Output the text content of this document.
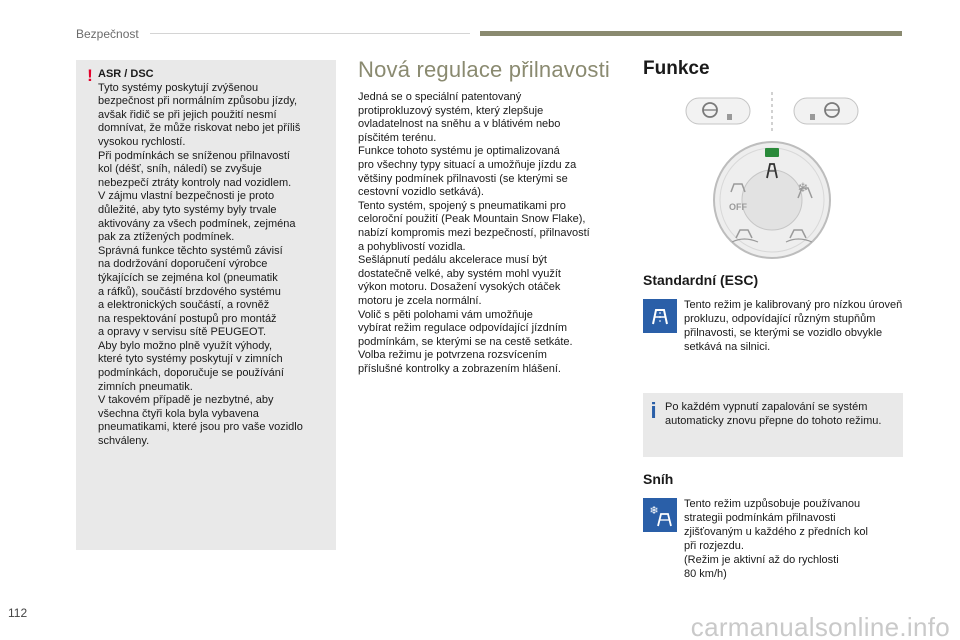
Bezpečnost
! ASR / DSC
Tyto systémy poskytují zvýšenou
bezpečnost při normálním způsobu jízdy,
avšak řidič se při jejich použití nesmí
domnívat, že může riskovat nebo jet příliš
vysokou rychlostí.
Při podmínkách se sníženou přilnavostí
kol (déšť, sníh, náledí) se zvyšuje
nebezpečí ztráty kontroly nad vozidlem.
V zájmu vlastní bezpečnosti je proto
důležité, aby tyto systémy byly trvale
aktivovány za všech podmínek, zejména
pak za ztížených podmínek.
Správná funkce těchto systémů závisí
na dodržování doporučení výrobce
týkajících se zejména kol (pneumatik
a ráfků), součástí brzdového systému
a elektronických součástí, a rovněž
na respektování postupů pro montáž
a opravy v servisu sítě PEUGEOT.
Aby bylo možno plně využít výhody,
které tyto systémy poskytují v zimních
podmínkách, doporučuje se používání
zimních pneumatik.
V takovém případě je nezbytné, aby
všechna čtyři kola byla vybavena
pneumatikami, které jsou pro vaše vozidlo
schváleny.
Nová regulace přilnavosti
Jedná se o speciální patentovaný
protiprokluzový systém, který zlepšuje
ovladatelnost na sněhu a v blátivém nebo
písčitém terénu.
Funkce tohoto systému je optimalizovaná
pro všechny typy situací a umožňuje jízdu za
většiny podmínek přilnavosti (se kterými se
cestovní vozidlo setkává).
Tento systém, spojený s pneumatikami pro
celoroční použití (Peak Mountain Snow Flake),
nabízí kompromis mezi bezpečností, přilnavostí
a pohyblivostí vozidla.
Sešlápnutí pedálu akcelerace musí být
dostatečně velké, aby systém mohl využít
výkon motoru. Dosažení vysokých otáček
motoru je zcela normální.
Volič s pěti polohami vám umožňuje
vybírat režim regulace odpovídající jízdním
podmínkám, se kterými se na cestě setkáte.
Volba režimu je potvrzena rozsvícením
příslušné kontrolky a zobrazením hlášení.
Funkce
OFF
❄
Standardní (ESC)
Tento režim je kalibrovaný pro nízkou úroveň prokluzu, odpovídající různým stupňům přilnavosti, se kterými se vozidlo obvykle setkává na silnici.
i Po každém vypnutí zapalování se systém automaticky znovu přepne do tohoto režimu.
Sníh
❄ Tento režim uzpůsobuje používanou
strategii podmínkám přilnavosti
zjišťovaným u každého z předních kol
při rozjezdu.
(Režim je aktivní až do rychlosti
80 km/h)
112	carmanualsonline.info
